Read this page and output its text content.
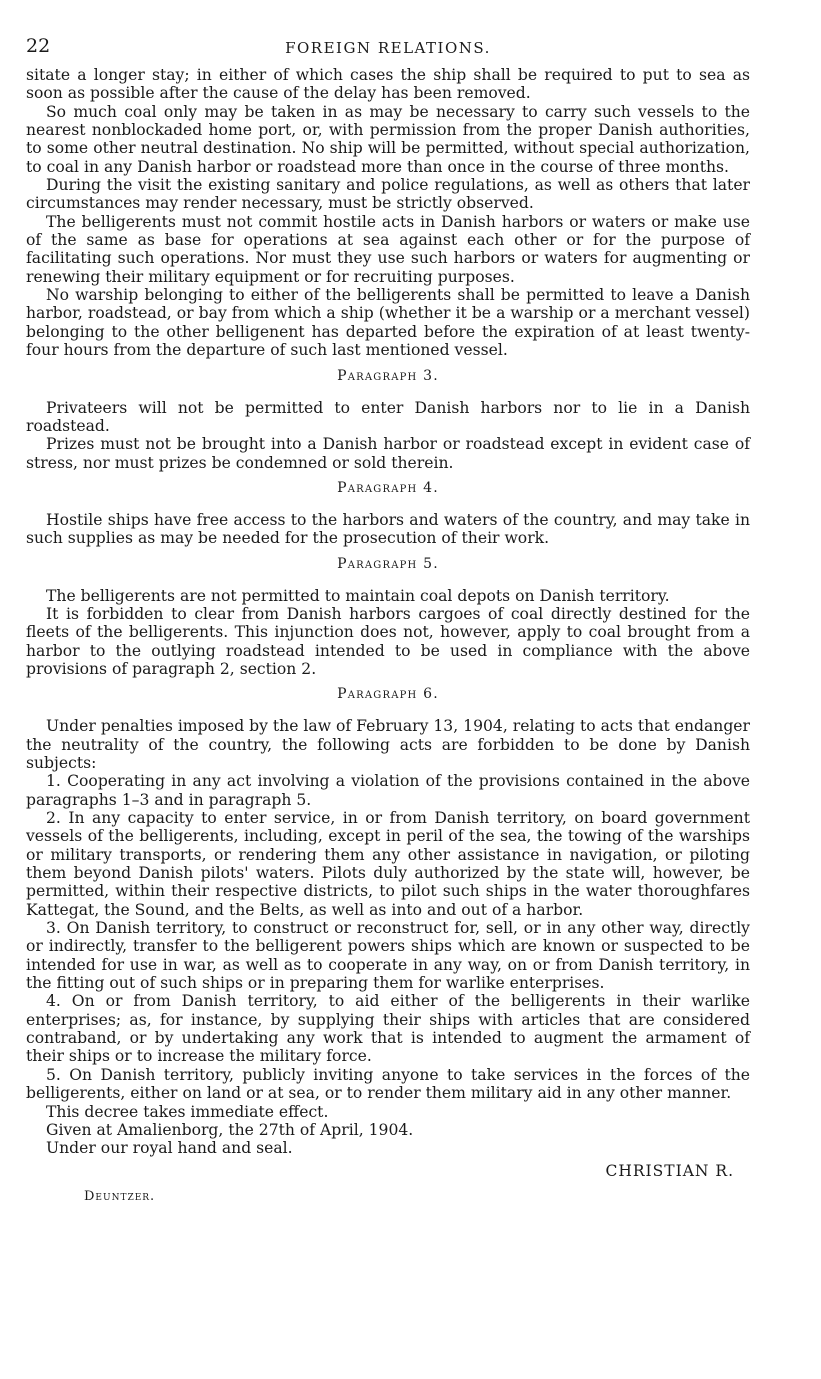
22	FOREIGN RELATIONS.

sitate a longer stay; in either of which cases the ship shall be required to put to sea as soon as possible after the cause of the delay has been removed.

So much coal only may be taken in as may be necessary to carry such vessels to the nearest nonblockaded home port, or, with permission from the proper Danish authorities, to some other neutral destination. No ship will be permitted, without special authorization, to coal in any Danish harbor or roadstead more than once in the course of three months.

During the visit the existing sanitary and police regulations, as well as others that later circumstances may render necessary, must be strictly observed.

The belligerents must not commit hostile acts in Danish harbors or waters or make use of the same as base for operations at sea against each other or for the purpose of facilitating such operations. Nor must they use such harbors or waters for augmenting or renewing their military equipment or for recruiting purposes.

No warship belonging to either of the belligerents shall be permitted to leave a Danish harbor, roadstead, or bay from which a ship (whether it be a warship or a merchant vessel) belonging to the other belligenent has departed before the expiration of at least twenty-four hours from the departure of such last mentioned vessel.

Paragraph 3.

Privateers will not be permitted to enter Danish harbors nor to lie in a Danish roadstead.

Prizes must not be brought into a Danish harbor or roadstead except in evident case of stress, nor must prizes be condemned or sold therein.

Paragraph 4.

Hostile ships have free access to the harbors and waters of the country, and may take in such supplies as may be needed for the prosecution of their work.

Paragraph 5.

The belligerents are not permitted to maintain coal depots on Danish territory.

It is forbidden to clear from Danish harbors cargoes of coal directly destined for the fleets of the belligerents. This injunction does not, however, apply to coal brought from a harbor to the outlying roadstead intended to be used in compliance with the above provisions of paragraph 2, section 2.

Paragraph 6.

Under penalties imposed by the law of February 13, 1904, relating to acts that endanger the neutrality of the country, the following acts are forbidden to be done by Danish subjects:

1. Cooperating in any act involving a violation of the provisions contained in the above paragraphs 1–3 and in paragraph 5.

2. In any capacity to enter service, in or from Danish territory, on board government vessels of the belligerents, including, except in peril of the sea, the towing of the warships or military transports, or rendering them any other assistance in navigation, or piloting them beyond Danish pilots' waters. Pilots duly authorized by the state will, however, be permitted, within their respective districts, to pilot such ships in the water thoroughfares Kattegat, the Sound, and the Belts, as well as into and out of a harbor.

3. On Danish territory, to construct or reconstruct for, sell, or in any other way, directly or indirectly, transfer to the belligerent powers ships which are known or suspected to be intended for use in war, as well as to cooperate in any way, on or from Danish territory, in the fitting out of such ships or in preparing them for warlike enterprises.

4. On or from Danish territory, to aid either of the belligerents in their warlike enterprises; as, for instance, by supplying their ships with articles that are considered contraband, or by undertaking any work that is intended to augment the armament of their ships or to increase the military force.

5. On Danish territory, publicly inviting anyone to take services in the forces of the belligerents, either on land or at sea, or to render them military aid in any other manner.

This decree takes immediate effect.

Given at Amalienborg, the 27th of April, 1904.

Under our royal hand and seal.

CHRISTIAN R.
Deuntzer.
